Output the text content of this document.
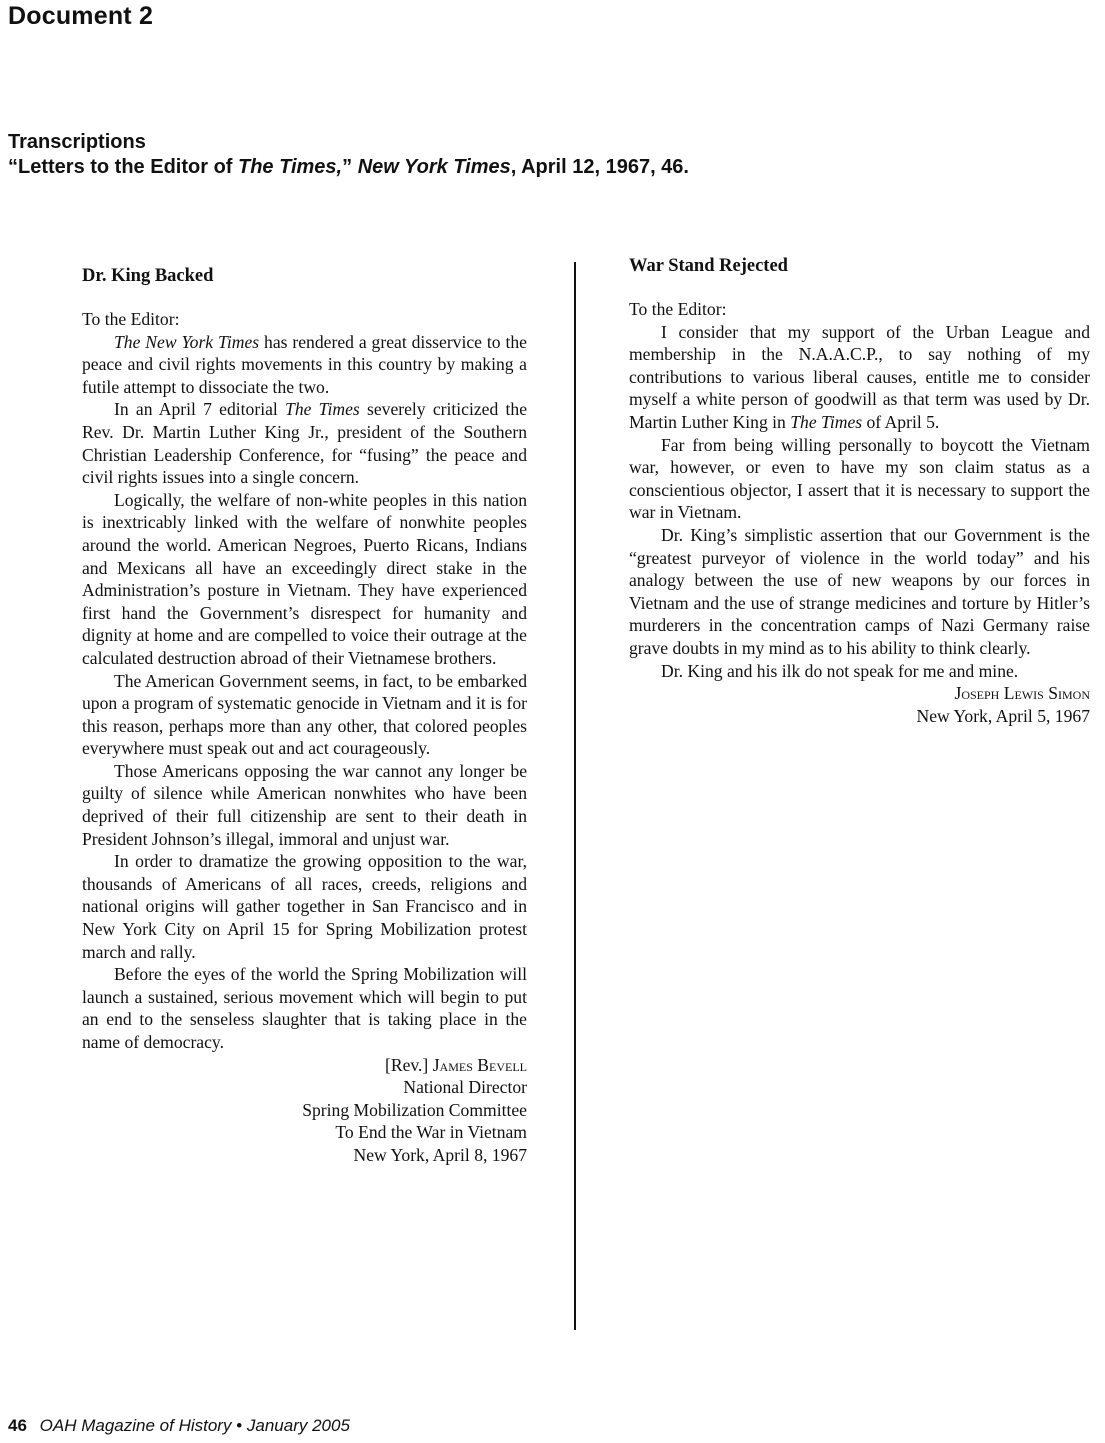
Document 2
Transcriptions
“Letters to the Editor of The Times,” New York Times, April 12, 1967, 46.
Dr. King Backed

To the Editor:

The New York Times has rendered a great disservice to the peace and civil rights movements in this country by making a futile attempt to dissociate the two.

In an April 7 editorial The Times severely criticized the Rev. Dr. Martin Luther King Jr., president of the Southern Christian Leadership Conference, for “fusing” the peace and civil rights issues into a single concern.

Logically, the welfare of non-white peoples in this nation is inextricably linked with the welfare of nonwhite peoples around the world. American Negroes, Puerto Ricans, Indians and Mexicans all have an exceedingly direct stake in the Administration’s posture in Vietnam. They have experienced first hand the Government’s disrespect for humanity and dignity at home and are compelled to voice their outrage at the calculated destruction abroad of their Vietnamese brothers.

The American Government seems, in fact, to be embarked upon a program of systematic genocide in Vietnam and it is for this reason, perhaps more than any other, that colored peoples everywhere must speak out and act courageously.

Those Americans opposing the war cannot any longer be guilty of silence while American nonwhites who have been deprived of their full citizenship are sent to their death in President Johnson’s illegal, immoral and unjust war.

In order to dramatize the growing opposition to the war, thousands of Americans of all races, creeds, religions and national origins will gather together in San Francisco and in New York City on April 15 for Spring Mobilization protest march and rally.

Before the eyes of the world the Spring Mobilization will launch a sustained, serious movement which will begin to put an end to the senseless slaughter that is taking place in the name of democracy.

[Rev.] James Bevell

National Director

Spring Mobilization Committee

To End the War in Vietnam

New York, April 8, 1967

War Stand Rejected

To the Editor:

I consider that my support of the Urban League and membership in the N.A.A.C.P., to say nothing of my contributions to various liberal causes, entitle me to consider myself a white person of goodwill as that term was used by Dr. Martin Luther King in The Times of April 5.

Far from being willing personally to boycott the Vietnam war, however, or even to have my son claim status as a conscientious objector, I assert that it is necessary to support the war in Vietnam.

Dr. King’s simplistic assertion that our Government is the “greatest purveyor of violence in the world today” and his analogy between the use of new weapons by our forces in Vietnam and the use of strange medicines and torture by Hitler’s murderers in the concentration camps of Nazi Germany raise grave doubts in my mind as to his ability to think clearly.

Dr. King and his ilk do not speak for me and mine.

Joseph Lewis Simon

New York, April 5, 1967

46 OAH Magazine of History • January 2005
